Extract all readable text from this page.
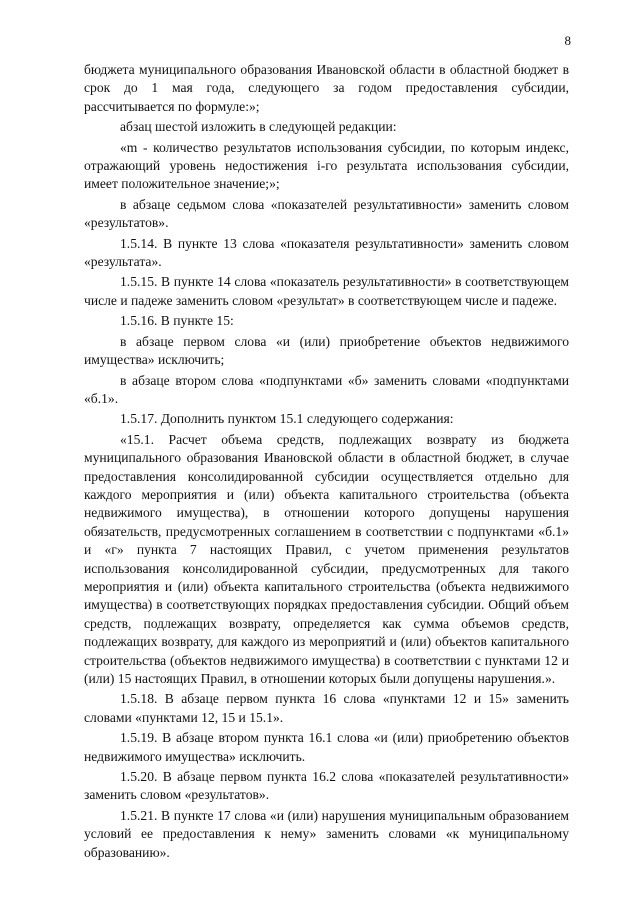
8

бюджета муниципального образования Ивановской области в областной бюджет в срок до 1 мая года, следующего за годом предоставления субсидии, рассчитывается по формуле:»;

абзац шестой изложить в следующей редакции:

«m - количество результатов использования субсидии, по которым индекс, отражающий уровень недостижения i-го результата использования субсидии, имеет положительное значение;»;

в абзаце седьмом слова «показателей результативности» заменить словом «результатов».

1.5.14. В пункте 13 слова «показателя результативности» заменить словом «результата».

1.5.15. В пункте 14 слова «показатель результативности» в соответствующем числе и падеже заменить словом «результат» в соответствующем числе и падеже.

1.5.16. В пункте 15:

в абзаце первом слова «и (или) приобретение объектов недвижимого имущества» исключить;

в абзаце втором слова «подпунктами «б» заменить словами «подпунктами «б.1».

1.5.17. Дополнить пунктом 15.1 следующего содержания:

«15.1. Расчет объема средств, подлежащих возврату из бюджета муниципального образования Ивановской области в областной бюджет, в случае предоставления консолидированной субсидии осуществляется отдельно для каждого мероприятия и (или) объекта капитального строительства (объекта недвижимого имущества), в отношении которого допущены нарушения обязательств, предусмотренных соглашением в соответствии с подпунктами «б.1» и «г» пункта 7 настоящих Правил, с учетом применения результатов использования консолидированной субсидии, предусмотренных для такого мероприятия и (или) объекта капитального строительства (объекта недвижимого имущества) в соответствующих порядках предоставления субсидии. Общий объем средств, подлежащих возврату, определяется как сумма объемов средств, подлежащих возврату, для каждого из мероприятий и (или) объектов капитального строительства (объектов недвижимого имущества) в соответствии с пунктами 12 и (или) 15 настоящих Правил, в отношении которых были допущены нарушения.».

1.5.18. В абзаце первом пункта 16 слова «пунктами 12 и 15» заменить словами «пунктами 12, 15 и 15.1».

1.5.19. В абзаце втором пункта 16.1 слова «и (или) приобретению объектов недвижимого имущества» исключить.

1.5.20. В абзаце первом пункта 16.2 слова «показателей результативности» заменить словом «результатов».

1.5.21. В пункте 17 слова «и (или) нарушения муниципальным образованием условий ее предоставления к нему» заменить словами «к муниципальному образованию».
